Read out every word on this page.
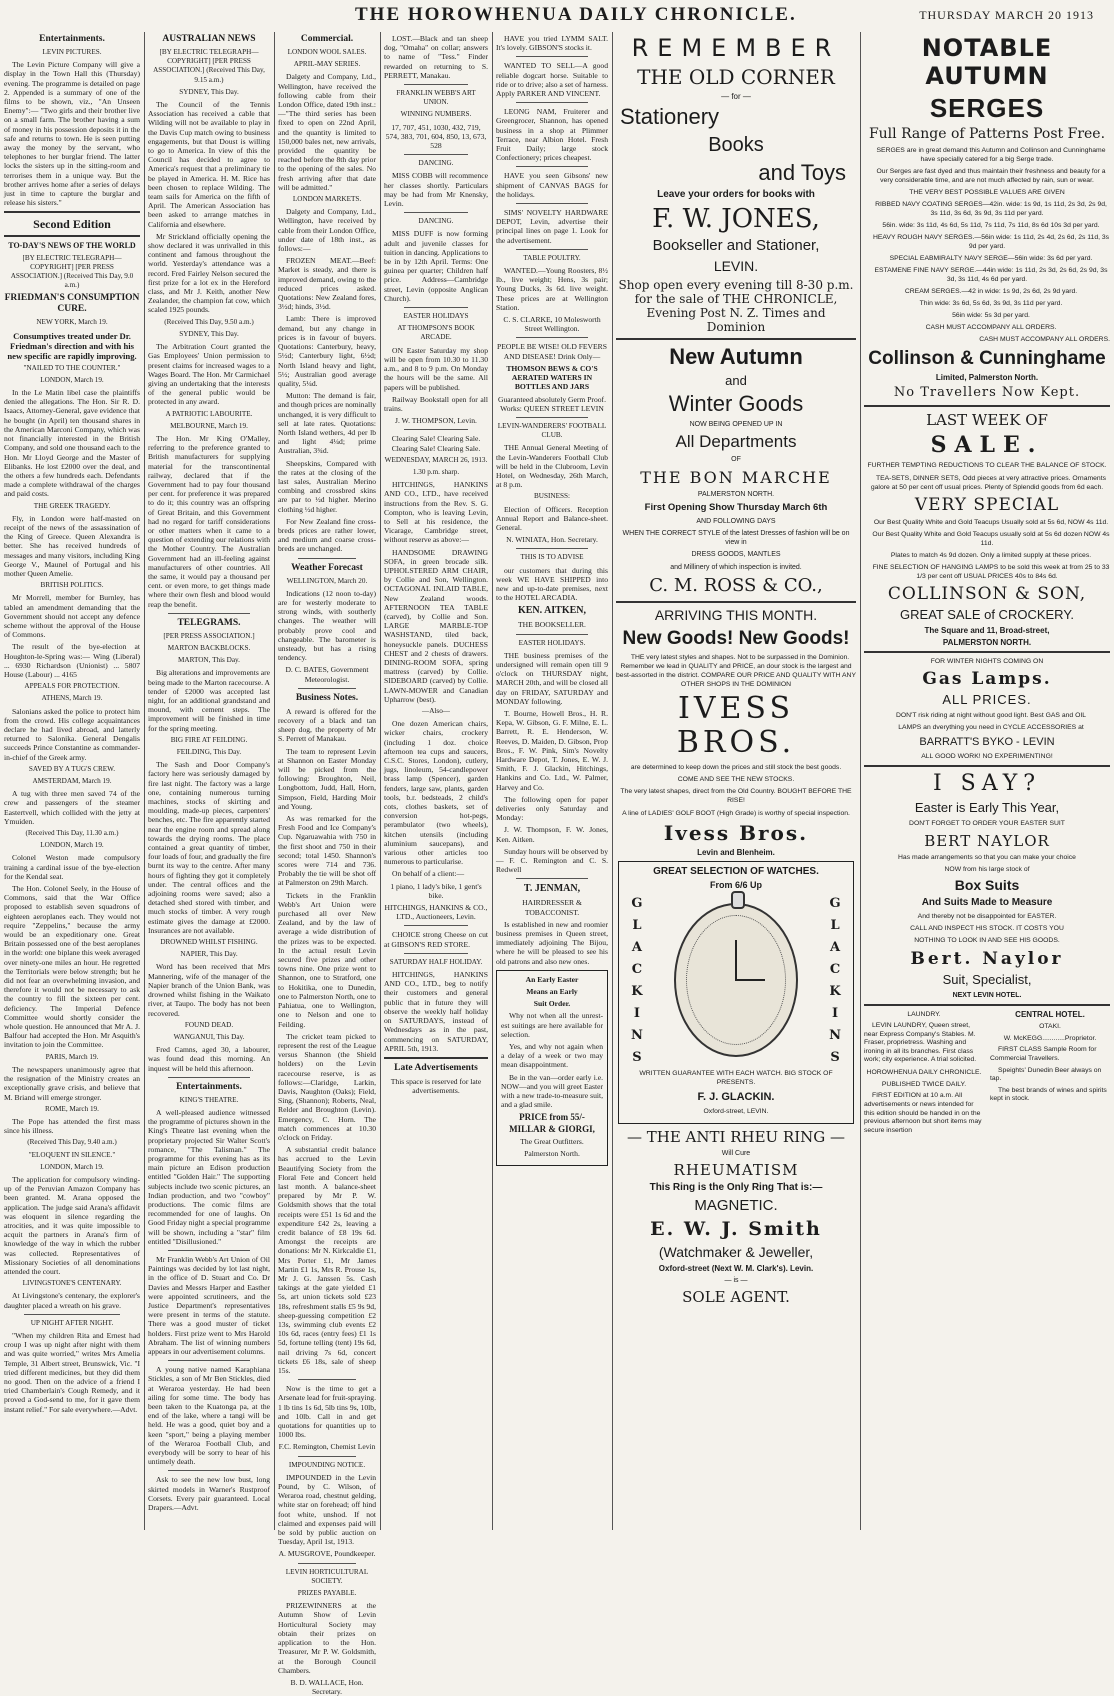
THE HOROWHENUA DAILY CHRONICLE.	THURSDAY MARCH 20 1913

Entertainments.

LEVIN PICTURES.

The Levin Picture Company will give a display in the Town Hall this (Thursday) evening. The programme is detailed on page 2. Appended is a summary of one of the films to be shown, viz., "An Unseen Enemy":— "Two girls and their brother live on a small farm. The brother having a sum of money in his possession deposits it in the safe and returns to town. He is seen putting away the money by the servant, who telephones to her burglar friend. The latter locks the sisters up in the sitting-room and terrorises them in a unique way. But the brother arrives home after a series of delays just in time to capture the burglar and release his sisters."

Second Edition

TO-DAY'S NEWS OF THE WORLD

[BY ELECTRIC TELEGRAPH—COPYRIGHT] [PER PRESS ASSOCIATION.] (Received This Day, 9.0 a.m.)

FRIEDMAN'S CONSUMPTION CURE.

NEW YORK, March 19.

Consumptives treated under Dr. Friedman's direction and with his new specific are rapidly improving.

"NAILED TO THE COUNTER."

LONDON, March 19.

In the Le Matin libel case the plaintiffs denied the allegations. The Hon. Sir R. D. Isaacs, Attorney-General, gave evidence that he bought (in April) ten thousand shares in the American Marconi Company, which was not financially interested in the British Company, and sold one thousand each to the Hon. Mr Lloyd George and the Master of Elibanks. He lost £2000 over the deal, and the others a few hundreds each. Defendants made a complete withdrawal of the charges and paid costs.

THE GREEK TRAGEDY.

Fly, in London were half-masted on receipt of the news of the assassination of the King of Greece. Queen Alexandra is better. She has received hundreds of messages and many visitors, including King George V., Maunel of Portugal and his mother Queen Amelie.

BRITISH POLITICS.

Mr Morrell, member for Burnley, has tabled an amendment demanding that the Government should not accept any defence scheme without the approval of the House of Commons.

The result of the bye-election at Houghton-le-Spring was:— Wing (Liberal) ... 6930 Richardson (Unionist) ... 5807 House (Labour) ... 4165

APPEALS FOR PROTECTION.

ATHENS, March 19.

Salonians asked the police to protect him from the crowd. His college acquaintances declare he had lived abroad, and latterly returned to Salonika. General Dengalis succeeds Prince Constantine as commander-in-chief of the Greek army.

SAVED BY A TUG'S CREW.

AMSTERDAM, March 19.

A tug with three men saved 74 of the crew and passengers of the steamer Eastertvell, which collided with the jetty at Ymuiden.

(Received This Day, 11.30 a.m.)

LONDON, March 19.

Colonel Weston made compulsory training a cardinal issue of the bye-election for the Kendal seat.

The Hon. Colonel Seely, in the House of Commons, said that the War Office proposed to establish seven squadrons of eighteen aeroplanes each. They would not require "Zeppelins," because the army would be an expeditionary one. Great Britain possessed one of the best aeroplanes in the world: one biplane this week averaged over ninety-one miles an hour. He regretted the Territorials were below strength; but he did not fear an overwhelming invasion, and therefore it would not be necessary to ask the country to fill the sixteen per cent. deficiency. The Imperial Defence Committee would shortly consider the whole question. He announced that Mr A. J. Balfour had accepted the Hon. Mr Asquith's invitation to join the Committee.

PARIS, March 19.

The newspapers unanimously agree that the resignation of the Ministry creates an exceptionally grave crisis, and believe that M. Briand will emerge stronger.

ROME, March 19.

The Pope has attended the first mass since his illness.

(Received This Day, 9.40 a.m.)

"ELOQUENT IN SILENCE."

LONDON, March 19.

The application for compulsory winding-up of the Peruvian Amazon Company has been granted. M. Arana opposed the application. The judge said Arana's affidavit was eloquent in silence regarding the atrocities, and it was quite impossible to acquit the partners in Arana's firm of knowledge of the way in which the rubber was collected. Representatives of Missionary Societies of all denominations attended the court.

LIVINGSTONE'S CENTENARY.

At Livingstone's centenary, the explorer's daughter placed a wreath on his grave.

UP NIGHT AFTER NIGHT.

"When my children Rita and Ernest had croup I was up night after night with them and was quite worried," writes Mrs Amelia Temple, 31 Albert street, Brunswick, Vic. "I tried different medicines, but they did them no good. Then on the advice of a friend I tried Chamberlain's Cough Remedy, and it proved a God-send to me, for it gave them instant relief." For sale everywhere.—Advt.

AUSTRALIAN NEWS

[BY ELECTRIC TELEGRAPH—COPYRIGHT] [PER PRESS ASSOCIATION.] (Received This Day, 9.15 a.m.)

SYDNEY, This Day.

The Council of the Tennis Association has received a cable that Wilding will not be available to play in the Davis Cup match owing to business engagements, but that Doust is willing to go to America. In view of this the Council has decided to agree to America's request that a preliminary tie be played in America. H. M. Rice has been chosen to replace Wilding. The team sails for America on the fifth of April. The American Association has been asked to arrange matches in California and elsewhere.

Mr Strickland officially opening the show declared it was unrivalled in this continent and famous throughout the world. Yesterday's attendance was a record. Fred Fairley Nelson secured the first prize for a lot ex in the Hereford class, and Mr J. Keith, another New Zealander, the champion fat cow, which scaled 1925 pounds.

(Received This Day, 9.50 a.m.)

SYDNEY, This Day.

The Arbitration Court granted the Gas Employees' Union permission to present claims for increased wages to a Wages Board. The Hon. Mr Carmichael giving an undertaking that the interests of the general public would be protected in any award.

A PATRIOTIC LABOURITE.

MELBOURNE, March 19.

The Hon. Mr King O'Malley, referring to the preference granted to British manufacturers for supplying material for the transcontinental railway, declared that if the Government had to pay four thousand per cent. for preference it was prepared to do it; this country was an offspring of Great Britain, and this Government had no regard for tariff considerations or other matters when it came to a question of extending our relations with the Mother Country. The Australian Government had an ill-feeling against manufacturers of other countries. All the same, it would pay a thousand per cent. or even more, to get things made where their own flesh and blood would reap the benefit.

TELEGRAMS.

[PER PRESS ASSOCIATION.]

MARTON BACKBLOCKS.

MARTON, This Day.

Big alterations and improvements are being made to the Marton racecourse. A tender of £2000 was accepted last night, for an additional grandstand and mound, with cement steps. The improvement will be finished in time for the spring meeting.

BIG FIRE AT FEILDING.

FEILDING, This Day.

The Sash and Door Company's factory here was seriously damaged by fire last night. The factory was a large one, containing numerous turning machines, stocks of skirting and moulding, made-up pieces, carpenters' benches, etc. The fire apparently started near the engine room and spread along towards the drying rooms. The place contained a great quantity of timber, four loads of four, and gradually the fire burnt its way to the centre. After many hours of fighting they got it completely under. The central offices and the adjoining rooms were saved; also a detached shed stored with timber, and much stocks of timber. A very rough estimate gives the damage at £2000. Insurances are not available.

DROWNED WHILST FISHING.

NAPIER, This Day.

Word has been received that Mrs Mannering, wife of the manager of the Napier branch of the Union Bank, was drowned whilst fishing in the Waikato river, at Taupo. The body has not been recovered.

FOUND DEAD.

WANGANUI, This Day.

Fred Camns, aged 30, a labourer, was found dead this morning. An inquest will be held this afternoon.

Entertainments.

KING'S THEATRE.

A well-pleased audience witnessed the programme of pictures shown in the King's Theatre last evening when the proprietary projected Sir Walter Scott's romance, "The Talisman." The programme for this evening has as its main picture an Edison production entitled "Golden Hair." The supporting subjects include two scenic pictures, an Indian production, and two "cowboy" productions. The comic films are recommended for one of laughs. On Good Friday night a special programme will be shown, including a "star" film entitled "Disillusioned."

Mr Franklin Webb's Art Union of Oil Paintings was decided by lot last night, in the office of D. Stuart and Co. Dr Davies and Messrs Harper and Easther were appointed scrutineers, and the Justice Department's representatives were present in terms of the statute. There was a good muster of ticket holders. First prize went to Mrs Harold Abraham. The list of winning numbers appears in our advertisement columns.

A young native named Karaphiana Stickles, a son of Mr Ben Stickles, died at Weraroa yesterday. He had been ailing for some time. The body has been taken to the Kuatonga pa, at the end of the lake, where a tangi will be held. He was a good, quiet boy and a keen "sport," being a playing member of the Weraroa Football Club, and everybody will be sorry to hear of his untimely death.

Ask to see the new low bust, long skirted models in Warner's Rustproof Corsets. Every pair guaranteed. Local Drapers.—Advt.

Commercial.

LONDON WOOL SALES.

APRIL-MAY SERIES.

Dalgety and Company, Ltd., Wellington, have received the following cable from their London Office, dated 19th inst.:—"The third series has been fixed to open on 22nd April, and the quantity is limited to 150,000 bales net, new arrivals, provided the quantity be reached before the 8th day prior to the opening of the sales. No fresh arriving after that date will be admitted."

LONDON MARKETS.

Dalgety and Company, Ltd., Wellington, have received by cable from their London Office, under date of 18th inst., as follows:—

FROZEN MEAT.—Beef: Market is steady, and there is improved demand, owing to the reduced prices asked. Quotations: New Zealand fores, 3½d; hinds, 3½d.

Lamb: There is improved demand, but any change in prices is in favour of buyers. Quotations: Canterbury, heavy, 5½d; Canterbury light, 6½d; North Island heavy and light, 5½; Australian good average quality, 5¼d.

Mutton: The demand is fair, and though prices are nominally unchanged, it is very difficult to sell at late rates. Quotations: North Island wethers, 4d per lb and light 4¼d; prime Australian, 3¾d.

Sheepskins, Compared with the rates at the closing of the last sales, Australian Merino combing and crossbred skins are par to ½d higher. Merino clothing ½d higher.

For New Zealand fine cross-breds prices are rather lower, and medium and coarse cross-breds are unchanged.

Weather Forecast

WELLINGTON, March 20.

Indications (12 noon to-day) are for westerly moderate to strong winds, with southerly changes. The weather will probably prove cool and changeable. The barometer is unsteady, but has a rising tendency.

D. C. BATES, Government Meteorologist.

Business Notes.

A reward is offered for the recovery of a black and tan sheep dog, the property of Mr S. Perrett of Manakau.

The team to represent Levin at Shannon on Easter Monday will be picked from the following: Broughton, Neil, Longbottom, Judd, Hall, Horn, Simpson, Field, Harding Moir and Young.

As was remarked for the Fresh Food and Ice Company's Cup. Ngaruawahia with 750 in the first shoot and 750 in their second; total 1450. Shannon's scores were 714 and 736. Probably the tie will be shot off at Palmerston on 29th March.

Tickets in the Franklin Webb's Art Union were purchased all over New Zealand, and by the law of average a wide distribution of the prizes was to be expected. In the actual result Levin secured five prizes and other towns nine. One prize went to Shannon, one to Stratford, one to Hokitika, one to Dunedin, one to Palmerston North, one to Pahiatua, one to Wellington, one to Nelson and one to Feilding.

The cricket team picked to represent the rest of the League versus Shannon (the Shield holders) on the Levin racecourse reserve, is as follows:—Claridge, Larkin, Davis, Naughton (Oaks); Field, Sing, (Shannon); Roberts, Neal, Relder and Broughton (Levin). Emergency, C. Horn. The match commences at 10.30 o'clock on Friday.

A substantial credit balance has accrued to the Levin Beautifying Society from the Floral Fete and Concert held last month. A balance-sheet prepared by Mr P. W. Goldsmith shows that the total receipts were £51 1s 6d and the expenditure £42 2s, leaving a credit balance of £8 19s 6d. Amongst the receipts are donations: Mr N. Kirkcaldie £1, Mrs Porter £1, Mr James Martin £1 1s, Mrs R. Prouse 1s, Mr J. G. Janssen 5s. Cash takings at the gate yielded £1 5s, art union tickets sold £23 18s, refreshment stalls £5 9s 9d, sheep-guessing competition £2 13s, swimming club events £2 10s 6d, races (entry fees) £1 1s 5d, fortune telling (tent) 19s 6d, nail driving 7s 6d, concert tickets £6 18s, sale of sheep 15s.

Now is the time to get a Arsenate lead for fruit-spraying. 1 lb tins 1s 6d, 5lb tins 9s, 10lb, and 10lb. Call in and get quotations for quantities up to 1000 lbs.

F.C. Remington, Chemist Levin

IMPOUNDING NOTICE.

IMPOUNDED in the Levin Pound, by C. Wilson, of Weraroa road, chestnut gelding, white star on forehead; off hind foot white, unshod. If not claimed and expenses paid will be sold by public auction on Tuesday, April 1st, 1913.

A. MUSGROVE, Poundkeeper.

LEVIN HORTICULTURAL SOCIETY.

PRIZES PAYABLE.

PRIZEWINNERS at the Autumn Show of Levin Horticultural Society may obtain their prizes on application to the Hon. Treasurer, Mr P. W. Goldsmith, at the Borough Council Chambers.

B. D. WALLACE, Hon. Secretary.

LOST.—Black and tan sheep dog, "Omaha" on collar; answers to name of "Tess." Finder rewarded on returning to S. PERRETT, Manakau.

FRANKLIN WEBB'S ART UNION.

WINNING NUMBERS.

17, 707, 451, 1030, 432, 719, 574, 383, 701, 604, 850, 13, 673, 528

DANCING.

MISS COBB will recommence her classes shortly. Particulars may be had from Mr Knensky, Levin.

DANCING.

MISS DUFF is now forming adult and juvenile classes for tuition in dancing. Applications to be in by 12th April. Terms: One guinea per quarter; Children half price. Address—Cambridge street, Levin (opposite Anglican Church).

EASTER HOLIDAYS

AT THOMPSON'S BOOK ARCADE.

ON Easter Saturday my shop will be open from 10.30 to 11.30 a.m., and 8 to 9 p.m. On Monday the hours will be the same. All papers will be published.

Railway Bookstall open for all trains.

J. W. THOMPSON, Levin.

Clearing Sale! Clearing Sale. Clearing Sale! Clearing Sale.

WEDNESDAY, MARCH 26, 1913.

1.30 p.m. sharp.

HITCHINGS, HANKINS AND CO., LTD., have received instructions from the Rev. S. G. Compton, who is leaving Levin, to Sell at his residence, the Vicarage, Cambridge street, without reserve as above:—

HANDSOME DRAWING SOFA, in green brocade silk. UPHOLSTERED ARM CHAIR, by Collie and Son, Wellington. OCTAGONAL INLAID TABLE, New Zealand woods. AFTERNOON TEA TABLE (carved), by Collie and Son. LARGE MARBLE-TOP WASHSTAND, tiled back, honeysuckle panels. DUCHESS CHEST and 2 chests of drawers. DINING-ROOM SOFA, spring mattress (carved) by Collie. SIDEBOARD (carved) by Collie. LAWN-MOWER and Canadian Upharrow (best).

—Also—

One dozen American chairs, wicker chairs, crockery (including 1 doz. choice afternoon tea cups and saucers, C.S.C. Stores, London), cutlery, jugs, linoleum, 54-candlepower brass lamp (Spencer), garden fenders, large saw, plants, garden tools, b.r. bedsteads, 2 child's cots, clothes baskets, set of conversion hot-pegs, perambulator (two wheels), kitchen utensils (including aluminium saucepans), and various other articles too numerous to particularise.

On behalf of a client:—

1 piano, 1 lady's bike, 1 gent's bike.

HITCHINGS, HANKINS & CO., LTD., Auctioneers, Levin.

CHOICE strong Cheese on cut at GIBSON'S RED STORE.

SATURDAY HALF HOLIDAY.

HITCHINGS, HANKINS AND CO., LTD., beg to notify their customers and general public that in future they will observe the weekly half holiday on SATURDAYS, instead of Wednesdays as in the past, commencing on SATURDAY, APRIL 5th, 1913.

Late Advertisements

This space is reserved for late advertisements.

HAVE you tried LYMM SALT. It's lovely. GIBSON'S stocks it.

WANTED TO SELL—A good reliable dogcart horse. Suitable to ride or to drive; also a set of harness. Apply PARKER AND VINCENT.

LEONG NAM, Fruiterer and Greengrocer, Shannon, has opened business in a shop at Plimmer Terrace, near Albion Hotel. Fresh Fruit Daily; large stock Confectionery; prices cheapest.

HAVE you seen Gibsons' new shipment of CANVAS BAGS for the holidays.

SIMS' NOVELTY HARDWARE DEPOT, Levin, advertise their principal lines on page 1. Look for the advertisement.

TABLE POULTRY.

WANTED.—Young Roosters, 8½ lb., live weight; Hens, 3s pair; Young Ducks, 3s 6d. live weight. These prices are at Wellington Station.

C. S. CLARKE, 10 Molesworth Street Wellington.

PEOPLE BE WISE! OLD FEVERS AND DISEASE! Drink Only—

THOMSON BEWS & CO'S AERATED WATERS IN BOTTLES AND JARS

Guaranteed absolutely Germ Proof. Works: QUEEN STREET LEVIN

LEVIN-WANDERERS' FOOTBALL CLUB.

THE Annual General Meeting of the Levin-Wanderers Football Club will be held in the Clubroom, Levin Hotel, on Wednesday, 26th March, at 8 p.m.

BUSINESS:

Election of Officers. Reception Annual Report and Balance-sheet. General.

N. WINIATA, Hon. Secretary.

THIS IS TO ADVISE

our customers that during this week WE HAVE SHIPPED into new and up-to-date premises, next to the HOTEL ARCADIA.

KEN. AITKEN,

THE BOOKSELLER.

EASTER HOLIDAYS.

THE business premises of the undersigned will remain open till 9 o'clock on THURSDAY night, MARCH 20th, and will be closed all day on FRIDAY, SATURDAY and MONDAY following.

T. Bourne, Howell Bros., H. R. Kepa, W. Gibson, G. F. Milne, E. L. Barrett, R. E. Henderson, W. Reeves, D. Maiden, D. Gibson, Prop Bros., F. W. Pink, Sim's Novelty Hardware Depot, T. Jones, E. W. J. Smith, F. J. Glackin, Hitchings, Hankins and Co. Ltd., W. Palmer, Harvey and Co.

The following open for paper deliveries only Saturday and Monday:

J. W. Thompson, F. W. Jones, Ken. Aitken.

Sunday hours will be observed by— F. C. Remington and C. S. Redwell

T. JENMAN,

HAIRDRESSER & TOBACCONIST.

Is established in new and roomier business premises in Queen street, immediately adjoining The Bijou, where he will be pleased to see his old patrons and also new ones.

An Early Easter

Means an Early

Suit Order.

Why not when all the unrest-est suitings are here available for selection.

Yes, and why not again when a delay of a week or two may mean disappointment.

Be in the van—order early i.e. NOW—and you will greet Easter with a new trade-to-measure suit, and a glad smile.

PRICE from 55/-

MILLAR & GIORGI,

The Great Outfitters.

Palmerston North.

REMEMBER

THE OLD CORNER

— for —

Stationery

Books

and Toys

Leave your orders for books with

F. W. JONES,

Bookseller and Stationer,

LEVIN.

Shop open every evening till 8-30 p.m. for the sale of THE CHRONICLE, Evening Post N. Z. Times and Dominion

New Autumn

and

Winter Goods

NOW BEING OPENED UP IN

All Departments

OF

THE BON MARCHE

PALMERSTON NORTH.

First Opening Show Thursday March 6th

AND FOLLOWING DAYS

WHEN THE CORRECT STYLE of the latest Dresses of fashion will be on view in

DRESS GOODS, MANTLES

and Millinery of which inspection is invited.

C. M. ROSS & CO.,

ARRIVING THIS MONTH.

New Goods! New Goods!

THE very latest styles and shapes. Not to be surpassed in the Dominion. Remember we lead in QUALITY and PRICE, an dour stock is the largest and best-assorted in the district. COMPARE OUR PRICE AND QUALITY WITH ANY OTHER SHOPS IN THE DOMINION

IVESS BROS.

are determined to keep down the prices and still stock the best goods.

COME AND SEE THE NEW STOCKS.

The very latest shapes, direct from the Old Country. BOUGHT BEFORE THE RISE!

A line of LADIES' GOLF BOOT (High Grade) is worthy of special inspection.

Ivess Bros.

Levin and Blenheim.

GREAT SELECTION OF WATCHES.

From 6/6 Up

G
L
A
C
K
I
N
S
G
L
A
C
K
I
N
S

WRITTEN GUARANTEE WITH EACH WATCH. BIG STOCK OF PRESENTS.

F. J. GLACKIN.

Oxford-street, LEVIN.

— THE ANTI RHEU RING —

Will Cure

RHEUMATISM

This Ring is the Only Ring That is:—

MAGNETIC.

E. W. J. Smith

(Watchmaker & Jeweller,

Oxford-street (Next W. M. Clark's). Levin.

— is —

SOLE AGENT.

NOTABLE AUTUMN

SERGES

Full Range of Patterns Post Free.

SERGES are in great demand this Autumn and Collinson and Cunninghame have specially catered for a big Serge trade.

Our Serges are fast dyed and thus maintain their freshness and beauty for a very considerable time, and are not much affected by rain, sun or wear.

THE VERY BEST POSSIBLE VALUES ARE GIVEN

RIBBED NAVY COATING SERGES—42in. wide: 1s 9d, 1s 11d, 2s 3d, 2s 9d, 3s 11d, 3s 6d, 3s 9d, 3s 11d per yard.

56in. wide: 3s 11d, 4s 6d, 5s 11d, 7s 11d, 7s 11d, 8s 6d 10s 3d per yard.

HEAVY ROUGH NAVY SERGES.—56in wide: 1s 11d, 2s 4d, 2s 6d, 2s 11d, 3s 9d per yard.

SPECIAL EABMIRALTY NAVY SERGE—56in wide: 3s 6d per yard.

ESTAMENE FINE NAVY SERGE.—44in wide: 1s 11d, 2s 3d, 2s 6d, 2s 9d, 3s 3d, 3s 11d, 4s 6d per yard.

CREAM SERGES.—42 in wide: 1s 9d, 2s 6d, 2s 9d yard.

Thin wide: 3s 6d, 5s 6d, 3s 9d, 3s 11d per yard.

56in wide: 5s 3d per yard.

CASH MUST ACCOMPANY ALL ORDERS.

CASH MUST ACCOMPANY ALL ORDERS.

Collinson & Cunninghame

Limited, Palmerston North.

No Travellers Now Kept.

LAST WEEK OF

SALE.

FURTHER TEMPTING REDUCTIONS TO CLEAR THE BALANCE OF STOCK.

TEA-SETS, DINNER SETS, Odd pieces at very attractive prices. Ornaments galore at 50 per cent off usual prices. Plenty of Splendid goods from 6d each.

VERY SPECIAL

Our Best Quality White and Gold Teacups Usually sold at 5s 6d, NOW 4s 11d.

Our Best Quality White and Gold Teacups usually sold at 5s 6d dozen NOW 4s 11d.

Plates to match 4s 9d dozen. Only a limited supply at these prices.

FINE SELECTION OF HANGING LAMPS to be sold this week at from 25 to 33 1/3 per cent off USUAL PRICES 40s to 84s 6d.

COLLINSON & SON,

GREAT SALE of CROCKERY.

The Square and 11, Broad-street,

PALMERSTON NORTH.

FOR WINTER NIGHTS COMING ON

Gas Lamps.

ALL PRICES.

DON'T risk riding at night without good light. Best GAS and OIL

LAMPS an dverything you need in CYCLE ACCESSORIES at

BARRATT'S BYKO - LEVIN

ALL GOOD WORK! NO EXPERIMENTING!

I SAY?

Easter is Early This Year,

DON'T FORGET TO ORDER YOUR EASTER SUIT

BERT NAYLOR

Has made arrangements so that you can make your choice

NOW from his large stock of

Box Suits

And Suits Made to Measure

And thereby not be disappointed for EASTER.

CALL AND INSPECT HIS STOCK. IT COSTS YOU

NOTHING TO LOOK IN AND SEE HIS GOODS.

Bert. Naylor

Suit, Specialist,

NEXT LEVIN HOTEL.

LAUNDRY.

LEVIN LAUNDRY, Queen street, near Express Company's Stables. M. Fraser, proprietress. Washing and ironing in all its branches. First class work; city experience. A trial solicited.

HOROWHENUA DAILY CHRONICLE.

PUBLISHED TWICE DAILY.

FIRST EDITION at 10 a.m. All advertisements or news intended for this edition should be handed in on the previous afternoon but short items may secure insertion

CENTRAL HOTEL.

OTAKI.

W. McKEGG............Proprietor.

FIRST CLASS Sample Room for Commercial Travellers.

Speights' Dunedin Beer always on tap.

The best brands of wines and spirits kept in stock.
